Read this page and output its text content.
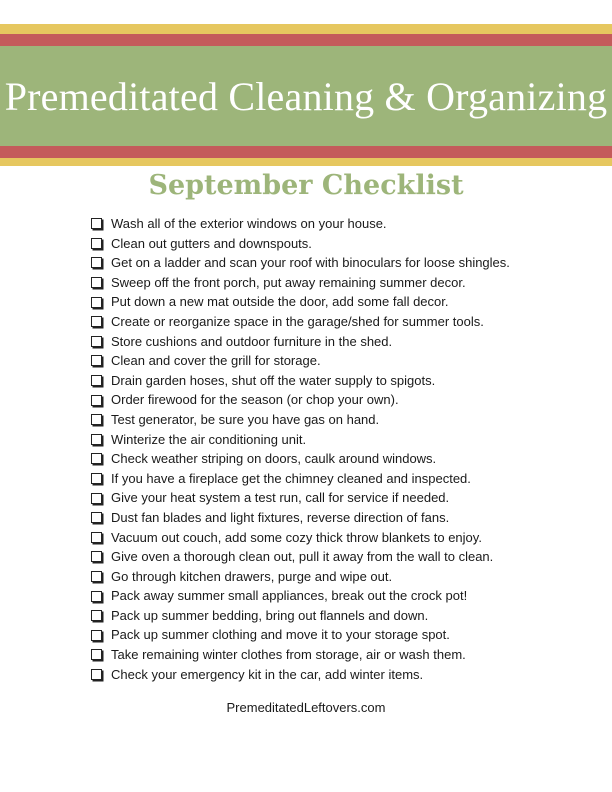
Premeditated Cleaning & Organizing
September Checklist
Wash all of the exterior windows on your house.
Clean out gutters and downspouts.
Get on a ladder and scan your roof with binoculars for loose shingles.
Sweep off the front porch, put away remaining summer decor.
Put down a new mat outside the door, add some fall decor.
Create or reorganize space in the garage/shed for summer tools.
Store cushions and outdoor furniture in the shed.
Clean and cover the grill for storage.
Drain garden hoses, shut off the water supply to spigots.
Order firewood for the season (or chop your own).
Test generator, be sure you have gas on hand.
Winterize the air conditioning unit.
Check weather striping on doors, caulk around windows.
If you have a fireplace get the chimney cleaned and inspected.
Give your heat system a test run, call for service if needed.
Dust fan blades and light fixtures, reverse direction of fans.
Vacuum out couch, add some cozy thick throw blankets to enjoy.
Give oven a thorough clean out, pull it away from the wall to clean.
Go through kitchen drawers, purge and wipe out.
Pack away summer small appliances, break out the crock pot!
Pack up summer bedding, bring out flannels and down.
Pack up summer clothing and move it to your storage spot.
Take remaining winter clothes from storage, air or wash them.
Check your emergency kit in the car, add winter items.
PremeditatedLeftovers.com
